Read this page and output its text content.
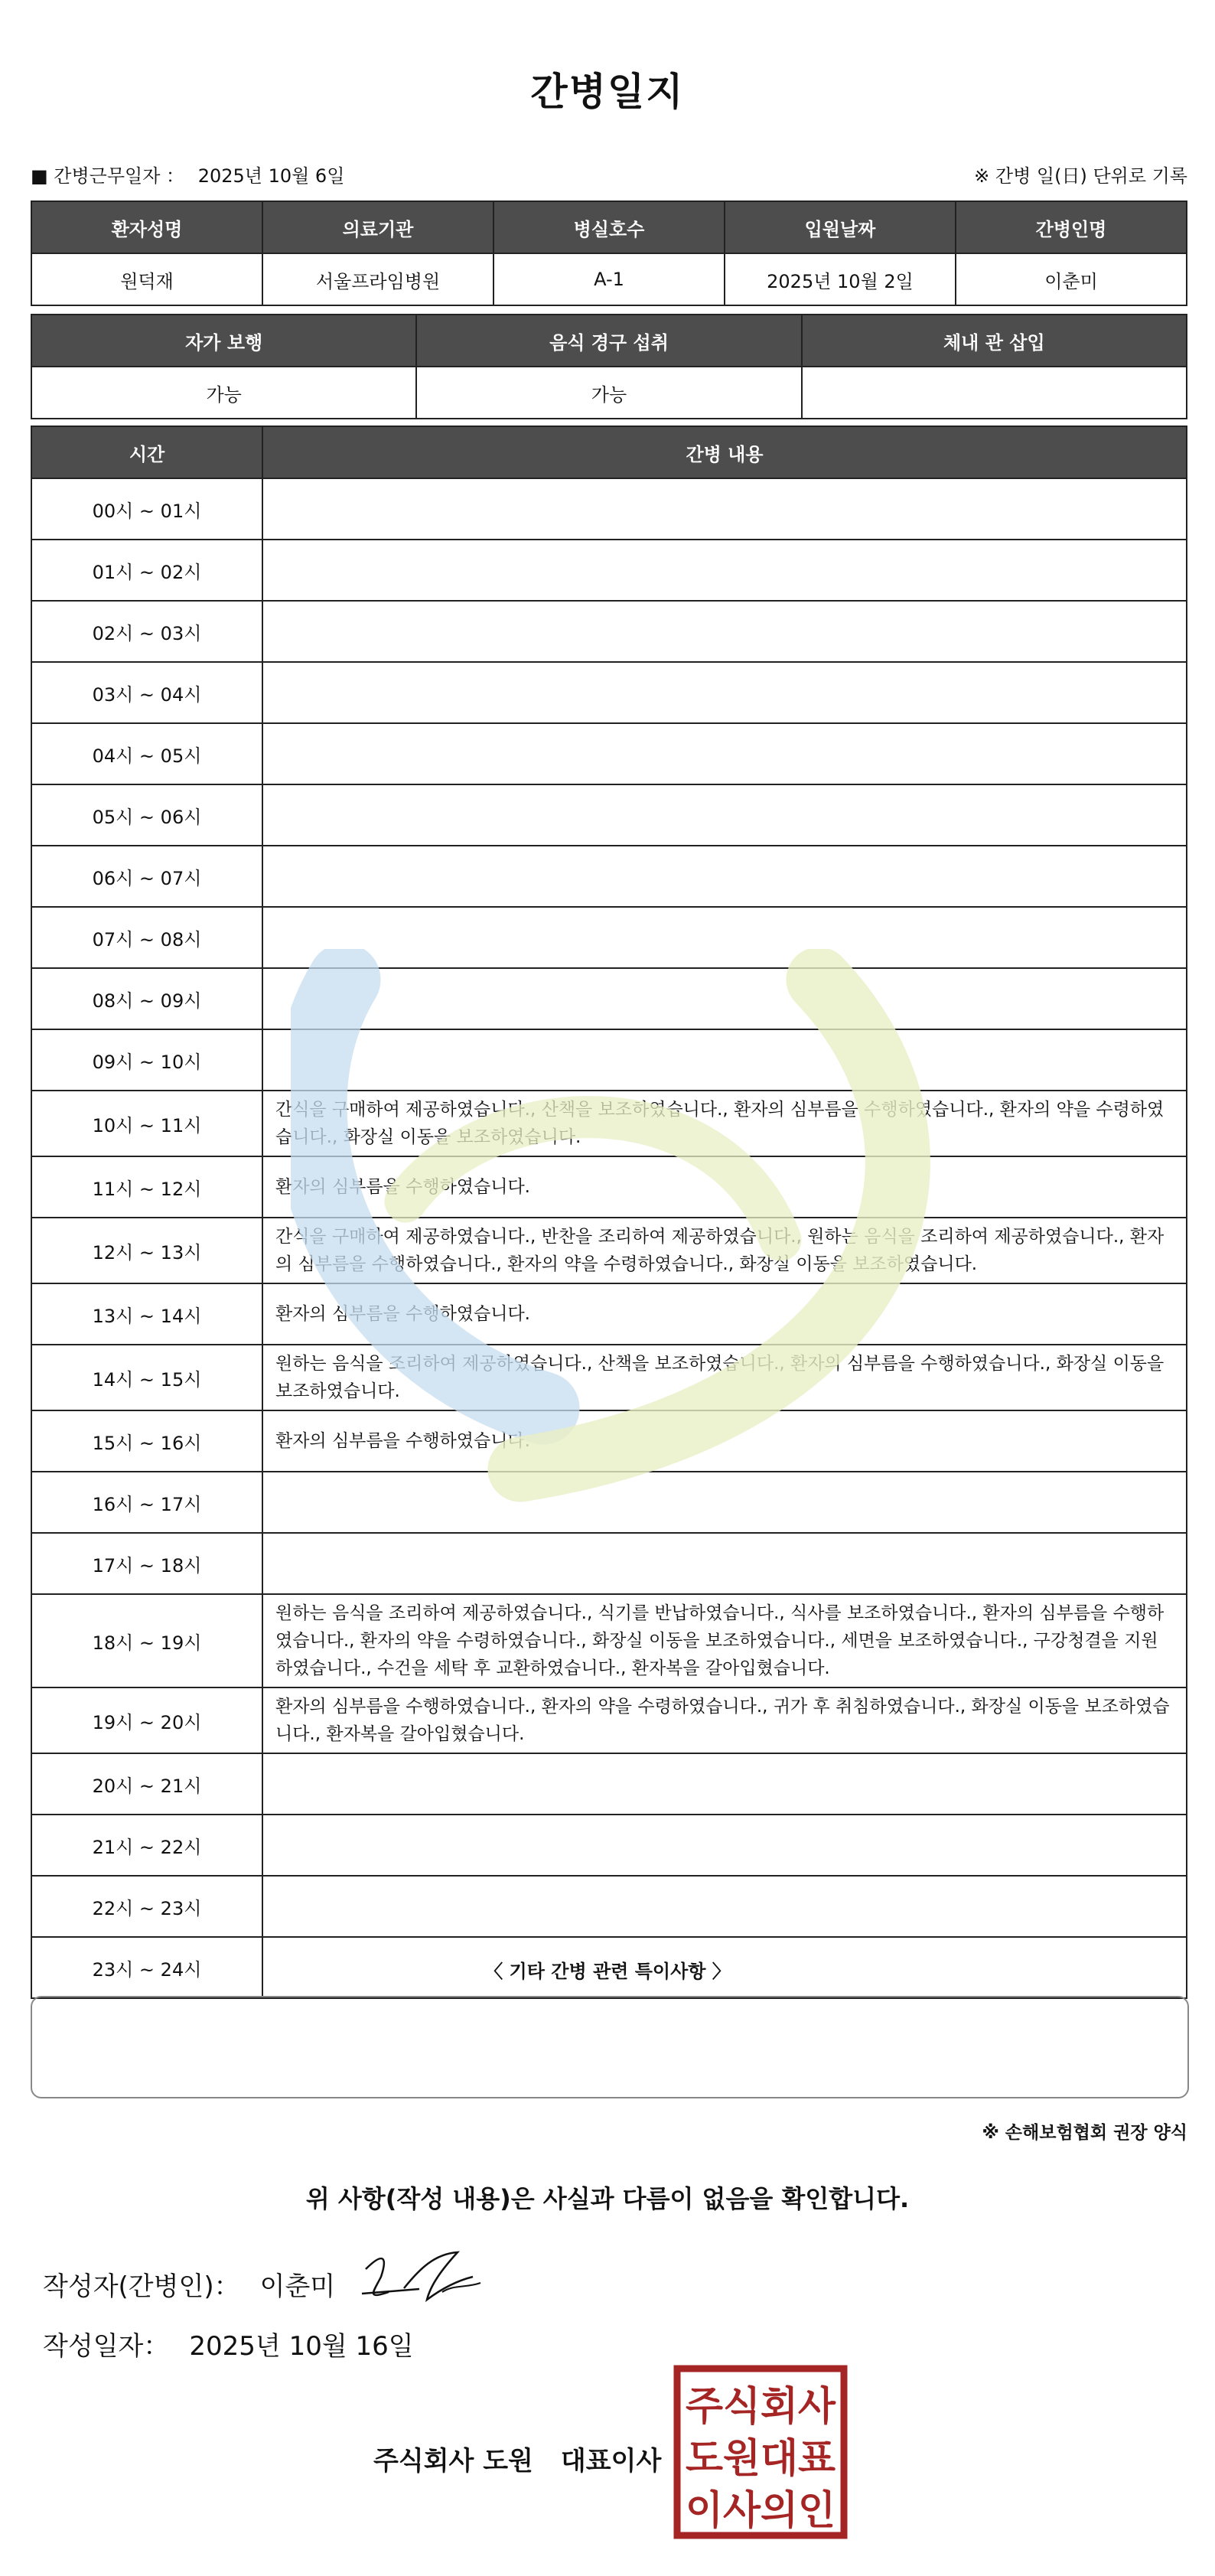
간병일지
■ 간병근무일자 ： 2025년 10월 6일	※ 간병 일(日) 단위로 기록
환자성명	의료기관	병실호수	입원날짜	간병인명
원덕재	서울프라임병원	A-1	2025년 10월 2일	이춘미
자가 보행	음식 경구 섭취	체내 관 삽입
가능	가능	
시간	간병 내용
00시 ~ 01시	
01시 ~ 02시	
02시 ~ 03시	
03시 ~ 04시	
04시 ~ 05시	
05시 ~ 06시	
06시 ~ 07시	
07시 ~ 08시	
08시 ~ 09시	
09시 ~ 10시	
10시 ~ 11시	간식을 구매하여 제공하였습니다., 산책을 보조하였습니다., 환자의 심부름을 수행하였습니다., 환자의 약을 수령하였습니다., 화장실 이동을 보조하였습니다.
11시 ~ 12시	환자의 심부름을 수행하였습니다.
12시 ~ 13시	간식을 구매하여 제공하였습니다., 반찬을 조리하여 제공하였습니다., 원하는 음식을 조리하여 제공하였습니다., 환자의 심부름을 수행하였습니다., 환자의 약을 수령하였습니다., 화장실 이동을 보조하였습니다.
13시 ~ 14시	환자의 심부름을 수행하였습니다.
14시 ~ 15시	원하는 음식을 조리하여 제공하였습니다., 산책을 보조하였습니다., 환자의 심부름을 수행하였습니다., 화장실 이동을 보조하였습니다.
15시 ~ 16시	환자의 심부름을 수행하였습니다.
16시 ~ 17시	
17시 ~ 18시	
18시 ~ 19시	원하는 음식을 조리하여 제공하였습니다., 식기를 반납하였습니다., 식사를 보조하였습니다., 환자의 심부름을 수행하였습니다., 환자의 약을 수령하였습니다., 화장실 이동을 보조하였습니다., 세면을 보조하였습니다., 구강청결을 지원하였습니다., 수건을 세탁 후 교환하였습니다., 환자복을 갈아입혔습니다.
19시 ~ 20시	환자의 심부름을 수행하였습니다., 환자의 약을 수령하였습니다., 귀가 후 취침하였습니다., 화장실 이동을 보조하였습니다., 환자복을 갈아입혔습니다.
20시 ~ 21시	
21시 ~ 22시	
22시 ~ 23시	
23시 ~ 24시		〈 기타 간병 관련 특이사항 〉
※ 손해보험협회 권장 양식
위 사항(작성 내용)은 사실과 다름이 없음을 확인합니다.
작성자(간병인)： 이춘미
작성일자： 2025년 10월 16일
주식회사 도원 대표이사
주식회사
도원대표
이사의인
